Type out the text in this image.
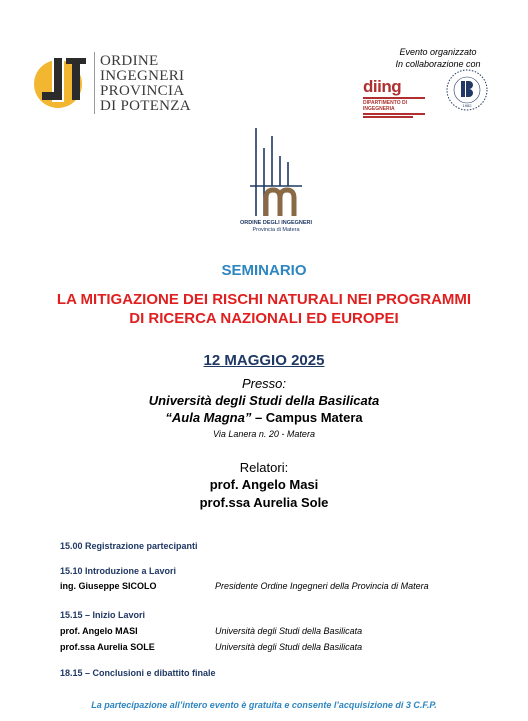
ORDINE
INGEGNERI
PROVINCIA
DI POTENZA
Evento organizzato
In collaborazione con
diing
DIPARTIMENTO DI
INGEGNERIA
1982
ORDINE DEGLI INGEGNERI
Provincia di Matera
SEMINARIO
LA MITIGAZIONE DEI RISCHI NATURALI NEI PROGRAMMI
DI RICERCA NAZIONALI ED EUROPEI
12 MAGGIO 2025
Presso:
Università degli Studi della Basilicata
“Aula Magna” – Campus Matera
Via Lanera n. 20 - Matera
Relatori:
prof. Angelo Masi
prof.ssa Aurelia Sole
15.00 Registrazione partecipanti
15.10 Introduzione a Lavori
ing. Giuseppe SICOLO	Presidente Ordine Ingegneri della Provincia di Matera
15.15 – Inizio Lavori
prof. Angelo MASI	Università degli Studi della Basilicata
prof.ssa Aurelia SOLE	Università degli Studi della Basilicata
18.15 – Conclusioni e dibattito finale
La partecipazione all’intero evento è gratuita e consente l’acquisizione di 3 C.F.P.
